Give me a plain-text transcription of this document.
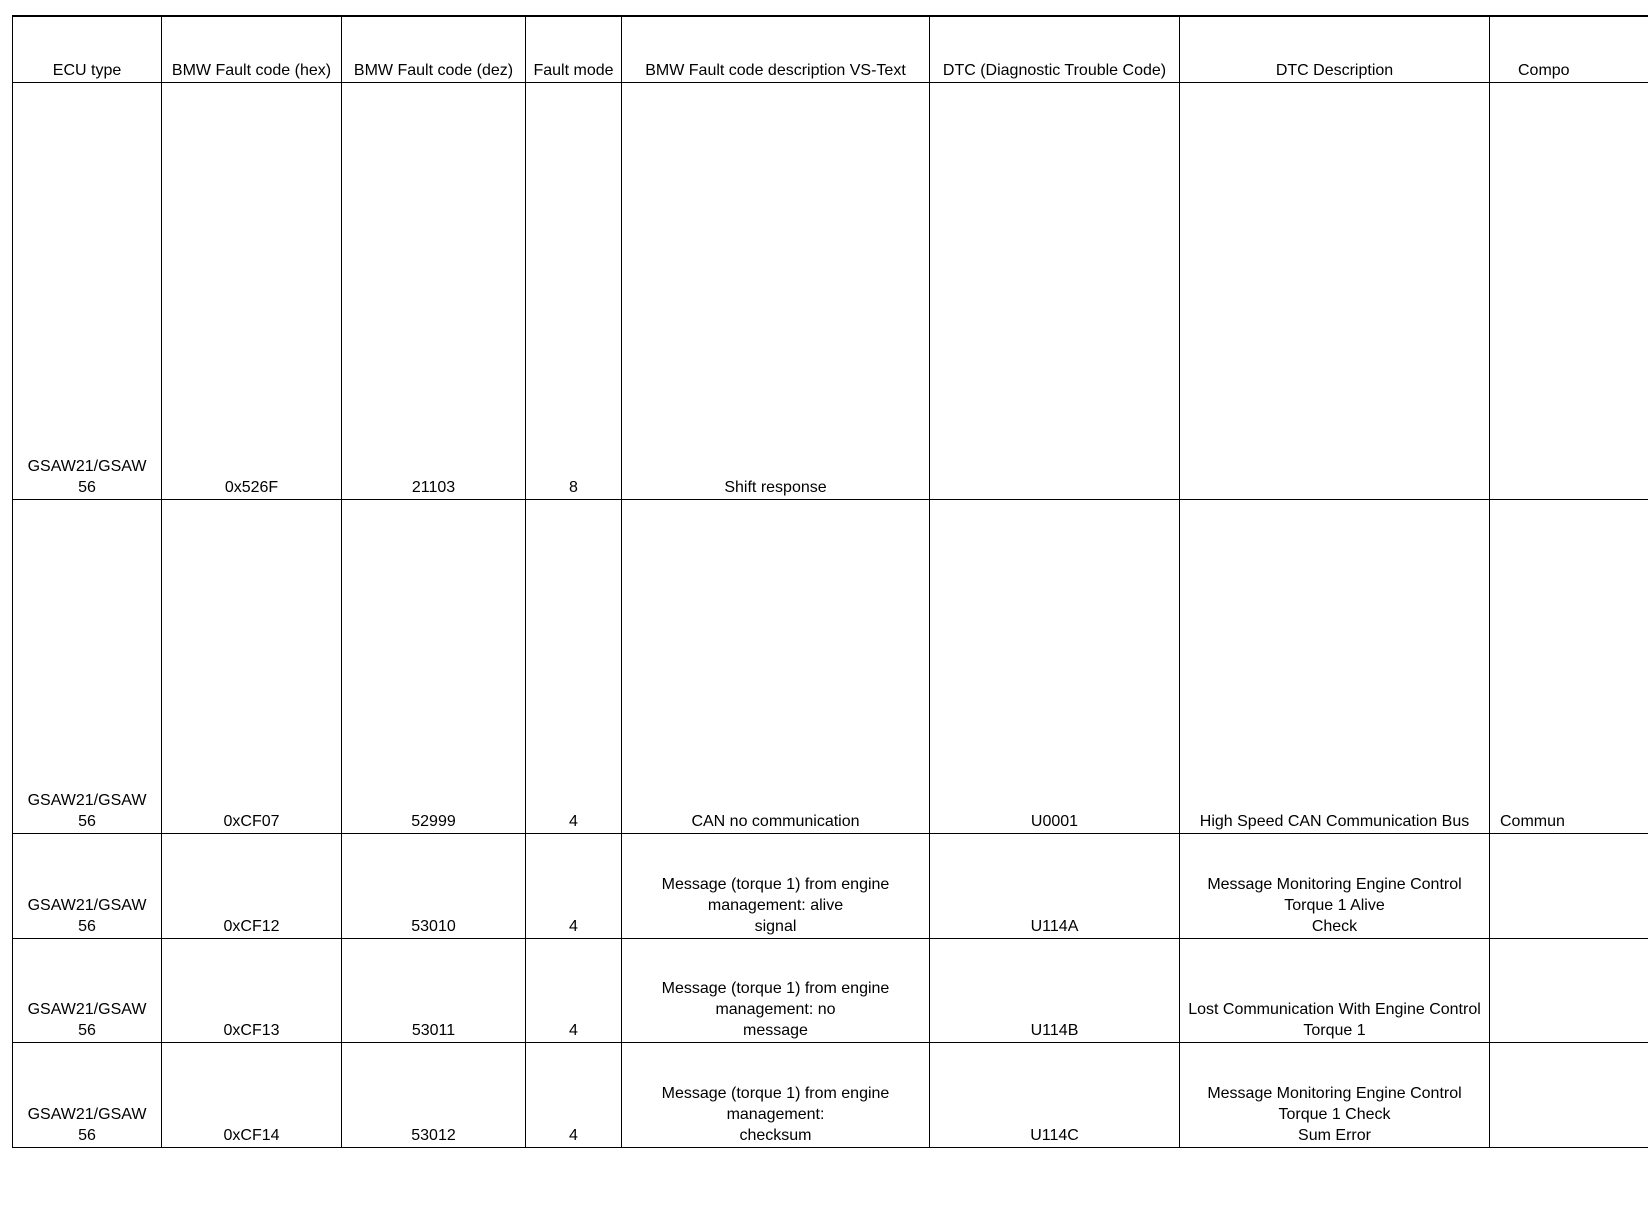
ECU type	BMW Fault code (hex)	BMW Fault code (dez)	Fault mode	BMW Fault code description VS-Text	DTC (Diagnostic Trouble Code)	DTC Description	Compo
GSAW21/GSAW
56	0x526F	21103	8	Shift response			
GSAW21/GSAW
56	0xCF07	52999	4	CAN no communication	U0001	High Speed CAN Communication Bus	Commun
GSAW21/GSAW
56	0xCF12	53010	4	Message (torque 1) from engine
management: alive
signal	U114A	Message Monitoring Engine Control
Torque 1 Alive
Check	
GSAW21/GSAW
56	0xCF13	53011	4	Message (torque 1) from engine
management: no
message	U114B	Lost Communication With Engine Control
Torque 1	
GSAW21/GSAW
56	0xCF14	53012	4	Message (torque 1) from engine
management:
checksum	U114C	Message Monitoring Engine Control
Torque 1 Check
Sum Error	
